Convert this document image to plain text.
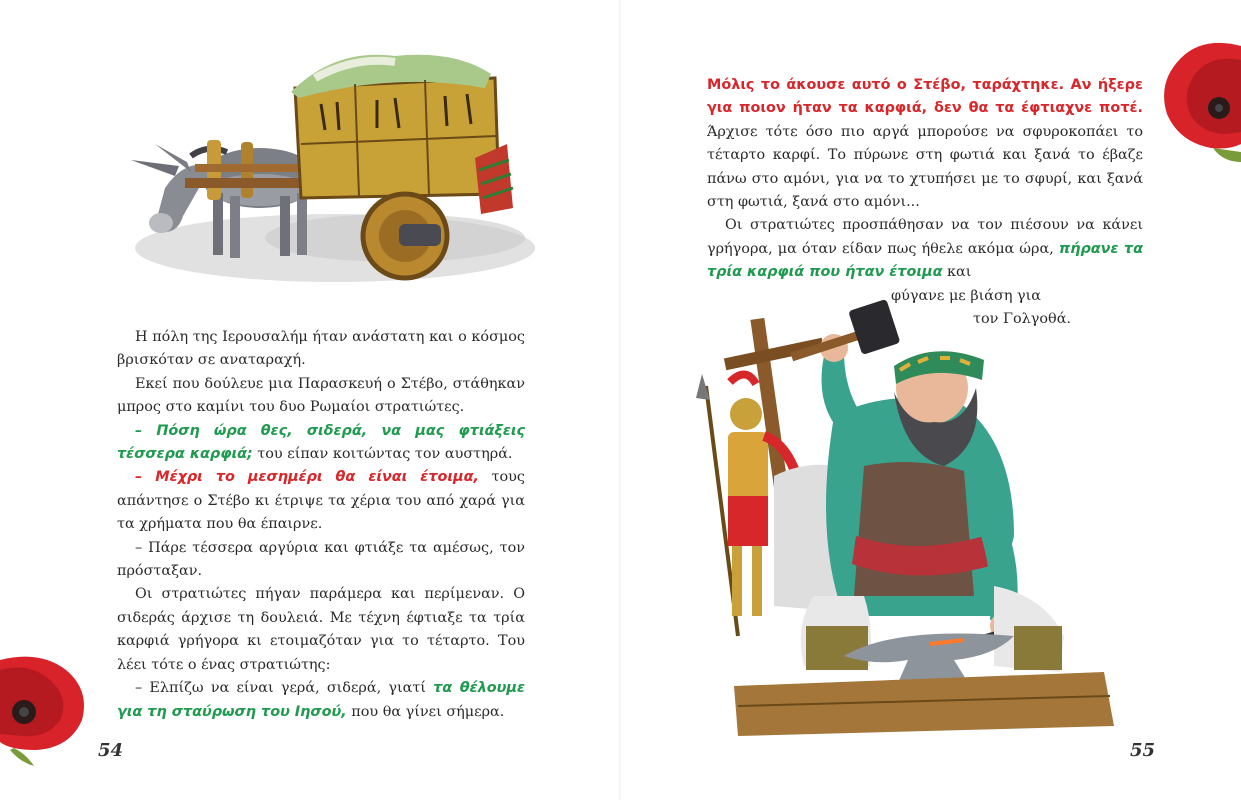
Η πόλη της Ιερουσαλήμ ήταν ανάστατη και ο κόσμος βρισκόταν σε αναταραχή.

Εκεί που δούλευε μια Παρασκευή ο Στέβο, στάθηκαν μπρος στο καμίνι του δυο Ρωμαίοι στρατιώτες.

– Πόση ώρα θες, σιδερά, να μας φτιάξεις τέσσερα καρφιά; του είπαν κοιτώντας τον αυστηρά.

– Μέχρι το μεσημέρι θα είναι έτοιμα, τους απάντησε ο Στέβο κι έτριψε τα χέρια του από χαρά για τα χρήματα που θα έπαιρνε.

– Πάρε τέσσερα αργύρια και φτιάξε τα αμέσως, τον πρόσταξαν.

Οι στρατιώτες πήγαν παράμερα και περίμεναν. Ο σιδεράς άρχισε τη δουλειά. Με τέχνη έφτιαξε τα τρία καρφιά γρήγορα κι ετοιμαζόταν για το τέταρτο. Του λέει τότε ο ένας στρατιώτης:

– Ελπίζω να είναι γερά, σιδερά, γιατί τα θέλουμε για τη σταύρωση του Ιησού, που θα γίνει σήμερα.

54	55

Μόλις το άκουσε αυτό ο Στέβο, ταράχτηκε. Αν ήξερε για ποιον ήταν τα καρφιά, δεν θα τα έφτιαχνε ποτέ. Άρχισε τότε όσο πιο αργά μπορούσε να σφυροκοπάει το τέταρτο καρφί. Το πύρωνε στη φωτιά και ξανά το έβαζε πάνω στο αμόνι, για να το χτυπήσει με το σφυρί, και ξανά στη φωτιά, ξανά στο αμόνι...

Οι στρατιώτες προσπάθησαν να τον πιέσουν να κάνει γρήγορα, μα όταν είδαν πως ήθελε ακόμα ώρα, πήρανε τα τρία καρφιά που ήταν έτοιμα και

φύγανε με βιάση για

τον Γολγοθά.
